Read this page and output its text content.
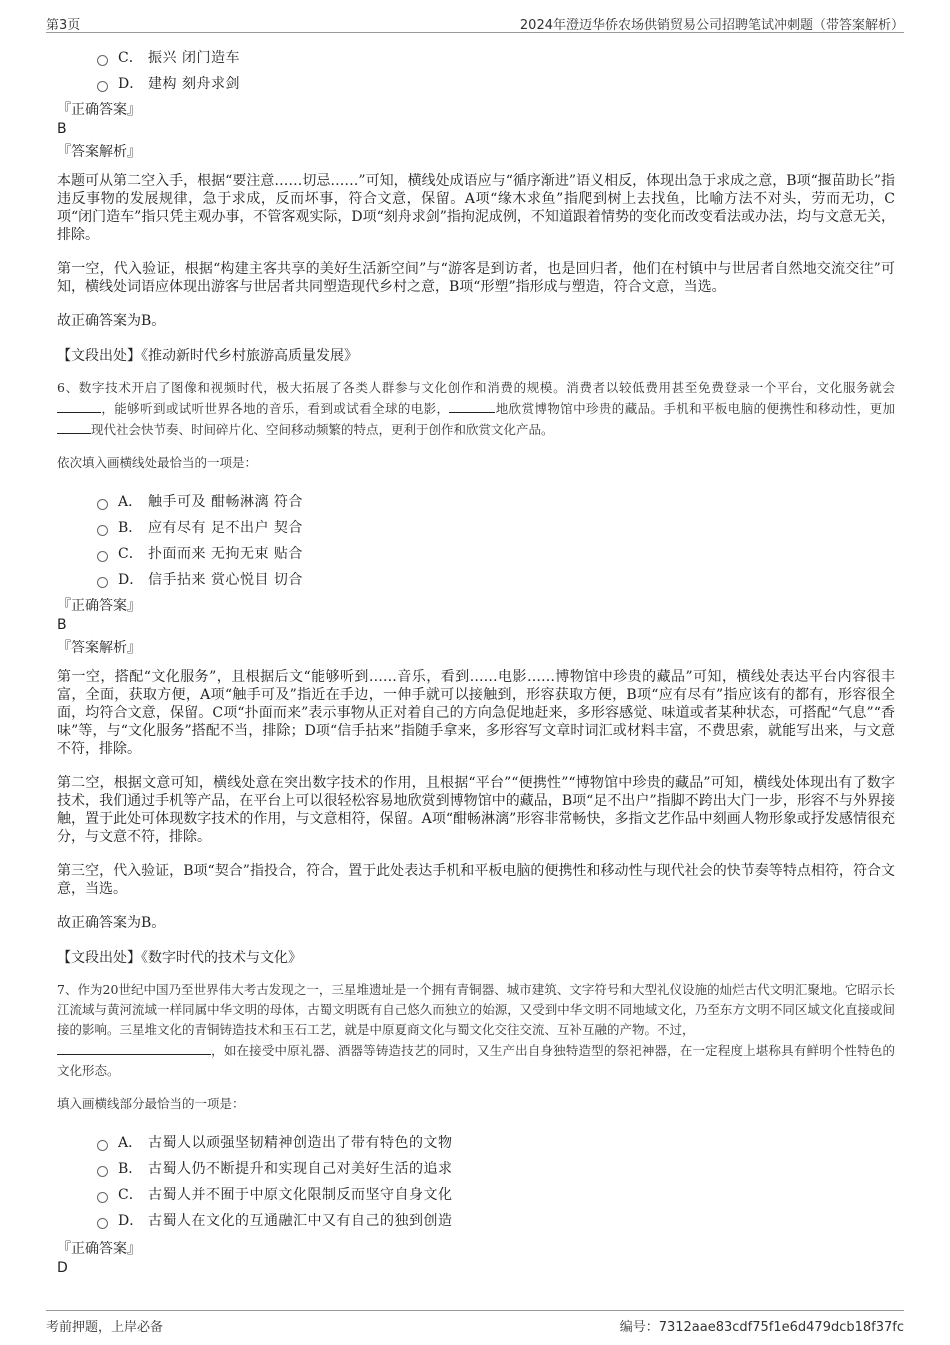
第3页	2024年澄迈华侨农场供销贸易公司招聘笔试冲刺题（带答案解析）
C． 振兴 闭门造车
D． 建构 刻舟求剑
『正确答案』
B
『答案解析』

本题可从第二空入手，根据“要注意……切忌……”可知，横线处成语应与“循序渐进”语义相反，体现出急于求成之意，B项“揠苗助长”指违反事物的发展规律，急于求成，反而坏事，符合文意，保留。A项“缘木求鱼”指爬到树上去找鱼，比喻方法不对头，劳而无功，C项“闭门造车”指只凭主观办事，不管客观实际，D项“刻舟求剑”指拘泥成例，不知道跟着情势的变化而改变看法或办法，均与文意无关，排除。

第一空，代入验证，根据“构建主客共享的美好生活新空间”与“游客是到访者，也是回归者，他们在村镇中与世居者自然地交流交往”可知，横线处词语应体现出游客与世居者共同塑造现代乡村之意，B项“形塑”指形成与塑造，符合文意，当选。

故正确答案为B。

【文段出处】《推动新时代乡村旅游高质量发展》

6、数字技术开启了图像和视频时代，极大拓展了各类人群参与文化创作和消费的规模。消费者以较低费用甚至免费登录一个平台，文化服务就会，能够听到或试听世界各地的音乐，看到或试看全球的电影，	地欣赏博物馆中珍贵的藏品。手机和平板电脑的便携性和移动性，更加现代社会快节奏、时间碎片化、空间移动频繁的特点，更利于创作和欣赏文化产品。

依次填入画横线处最恰当的一项是：

A． 触手可及 酣畅淋漓 符合
B． 应有尽有 足不出户 契合
C． 扑面而来 无拘无束 贴合
D． 信手拈来 赏心悦目 切合
『正确答案』
B
『答案解析』

第一空，搭配“文化服务”，且根据后文“能够听到……音乐，看到……电影……博物馆中珍贵的藏品”可知，横线处表达平台内容很丰富，全面，获取方便，A项“触手可及”指近在手边，一伸手就可以接触到，形容获取方便，B项“应有尽有”指应该有的都有，形容很全面，均符合文意，保留。C项“扑面而来”表示事物从正对着自己的方向急促地赶来，多形容感觉、味道或者某种状态，可搭配“气息”“香味”等，与“文化服务”搭配不当，排除；D项“信手拈来”指随手拿来，多形容写文章时词汇或材料丰富，不费思索，就能写出来，与文意不符，排除。

第二空，根据文意可知，横线处意在突出数字技术的作用，且根据“平台”“便携性”“博物馆中珍贵的藏品”可知，横线处体现出有了数字技术，我们通过手机等产品，在平台上可以很轻松容易地欣赏到博物馆中的藏品，B项“足不出户”指脚不跨出大门一步，形容不与外界接触，置于此处可体现数字技术的作用，与文意相符，保留。A项“酣畅淋漓”形容非常畅快，多指文艺作品中刻画人物形象或抒发感情很充分，与文意不符，排除。

第三空，代入验证，B项“契合”指投合，符合，置于此处表达手机和平板电脑的便携性和移动性与现代社会的快节奏等特点相符，符合文意，当选。

故正确答案为B。

【文段出处】《数字时代的技术与文化》

7、作为20世纪中国乃至世界伟大考古发现之一，三星堆遗址是一个拥有青铜器、城市建筑、文字符号和大型礼仪设施的灿烂古代文明汇聚地。它昭示长江流域与黄河流域一样同属中华文明的母体，古蜀文明既有自己悠久而独立的始源，又受到中华文明不同地域文化，乃至东方文明不同区域文化直接或间接的影响。三星堆文化的青铜铸造技术和玉石工艺，就是中原夏商文化与蜀文化交往交流、互补互融的产物。不过，
，如在接受中原礼器、酒器等铸造技艺的同时，又生产出自身独特造型的祭祀神器，在一定程度上堪称具有鲜明个性特色的文化形态。

填入画横线部分最恰当的一项是：

A． 古蜀人以顽强坚韧精神创造出了带有特色的文物
B． 古蜀人仍不断提升和实现自己对美好生活的追求
C． 古蜀人并不囿于中原文化限制反而坚守自身文化
D． 古蜀人在文化的互通融汇中又有自己的独到创造
『正确答案』
D
考前押题，上岸必备	编号：7312aae83cdf75f1e6d479dcb18f37fc
